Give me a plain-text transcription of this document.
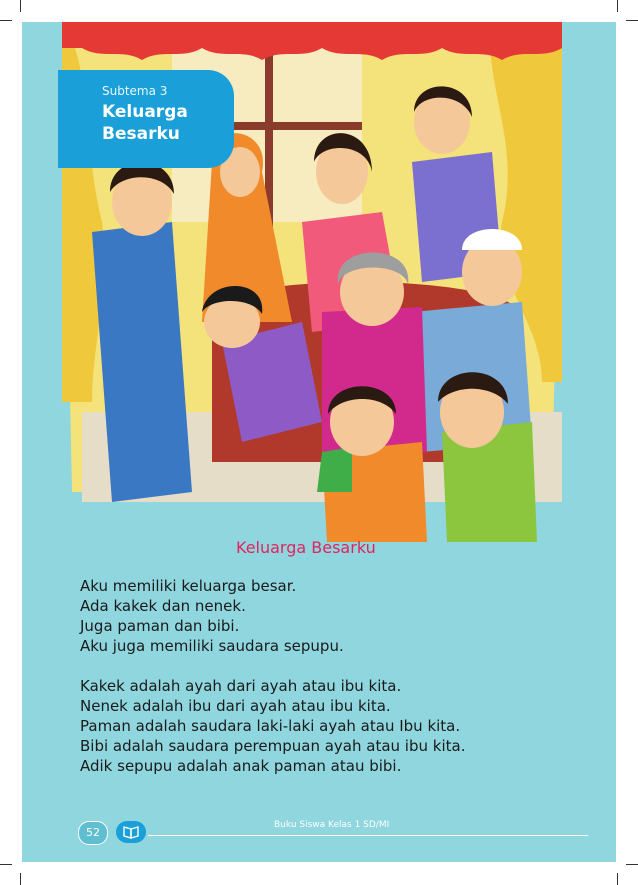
Subtema 3
Keluarga Besarku
Keluarga Besarku

Aku memiliki keluarga besar.
Ada kakek dan nenek.
Juga paman dan bibi.
Aku juga memiliki saudara sepupu.

Kakek adalah ayah dari ayah atau ibu kita.
Nenek adalah ibu dari ayah atau ibu kita.
Paman adalah saudara laki-laki ayah atau Ibu kita.
Bibi adalah saudara perempuan ayah atau ibu kita.
Adik sepupu adalah anak paman atau bibi.

52
Buku Siswa Kelas 1 SD/MI
